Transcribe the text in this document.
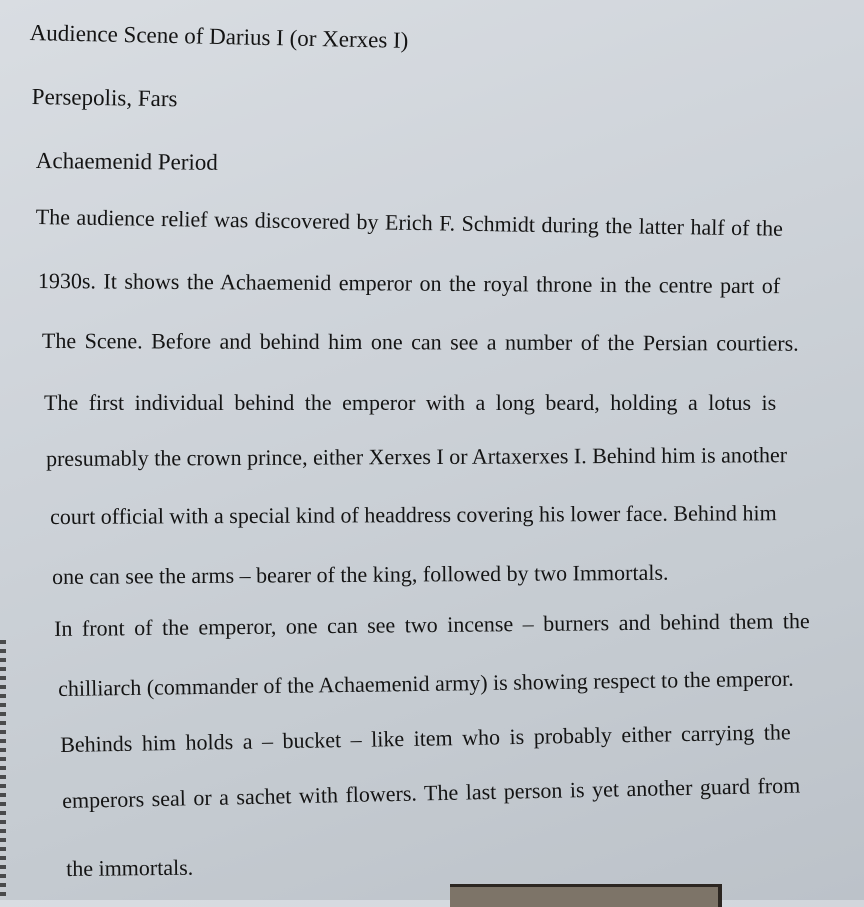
Audience Scene of Darius I (or Xerxes I)

Persepolis, Fars

Achaemenid Period

The audience relief was discovered by Erich F. Schmidt during the latter half of the

1930s. It shows the Achaemenid emperor on the royal throne in the centre part of

The Scene. Before and behind him one can see a number of the Persian courtiers.

The first individual behind the emperor with a long beard, holding a lotus is

presumably the crown prince, either Xerxes I or Artaxerxes I. Behind him is another

court official with a special kind of headdress covering his lower face. Behind him

one can see the arms – bearer of the king, followed by two Immortals.

In front of the emperor, one can see two incense – burners and behind them the

chilliarch (commander of the Achaemenid army) is showing respect to the emperor.

Behinds him holds a – bucket – like item who is probably either carrying the

emperors seal or a sachet with flowers. The last person is yet another guard from

the immortals.
